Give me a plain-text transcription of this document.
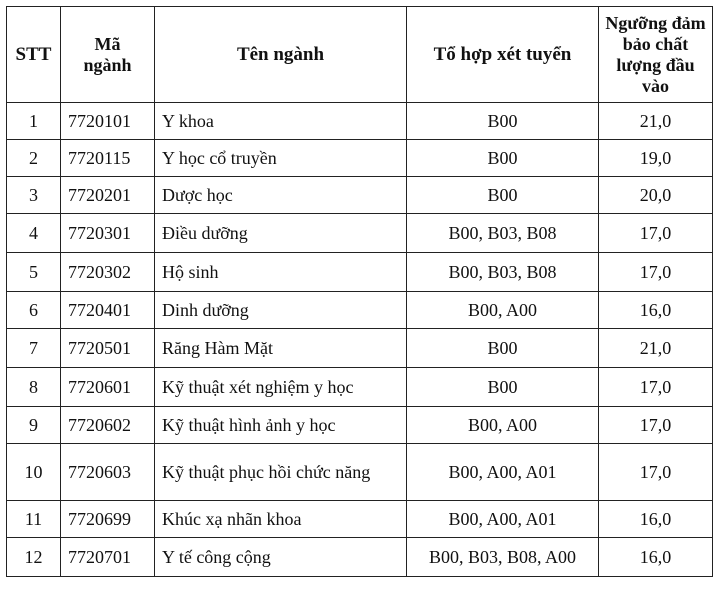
STT	Mã ngành	Tên ngành	Tổ hợp xét tuyển	Ngưỡng đảm bảo chất lượng đầu vào
1	7720101	Y khoa	B00	21,0
2	7720115	Y học cổ truyền	B00	19,0
3	7720201	Dược học	B00	20,0
4	7720301	Điều dưỡng	B00, B03, B08	17,0
5	7720302	Hộ sinh	B00, B03, B08	17,0
6	7720401	Dinh dưỡng	B00, A00	16,0
7	7720501	Răng Hàm Mặt	B00	21,0
8	7720601	Kỹ thuật xét nghiệm y học	B00	17,0
9	7720602	Kỹ thuật hình ảnh y học	B00, A00	17,0
10	7720603	Kỹ thuật phục hồi chức năng	B00, A00, A01	17,0
11	7720699	Khúc xạ nhãn khoa	B00, A00, A01	16,0
12	7720701	Y tế công cộng	B00, B03, B08, A00	16,0
